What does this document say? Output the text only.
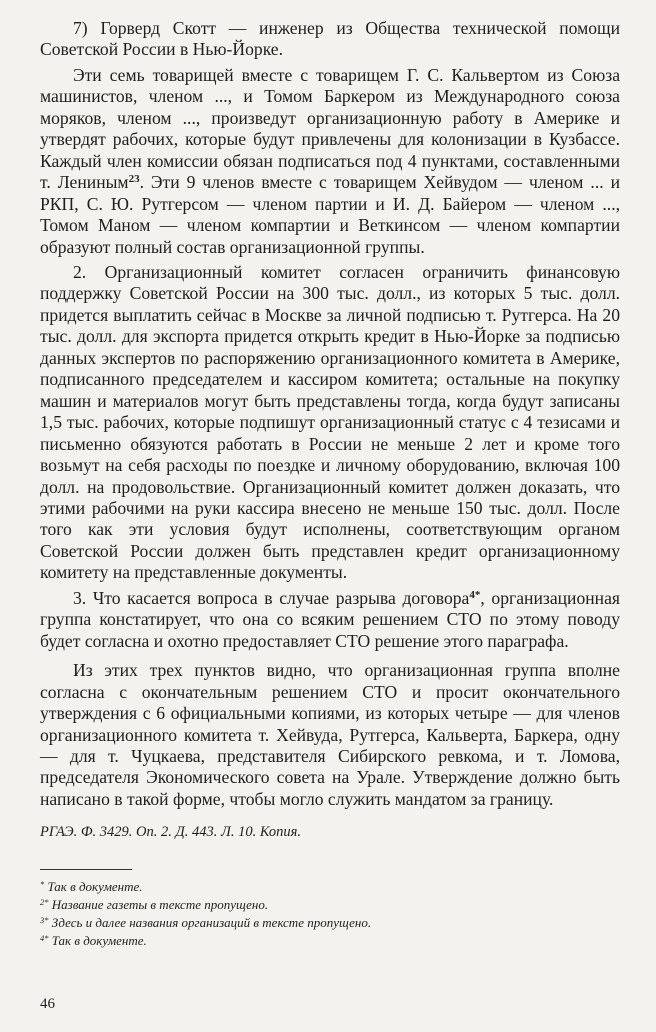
7) Горверд Скотт — инженер из Общества технической помощи Советской России в Нью-Йорке.

Эти семь товарищей вместе с товарищем Г. С. Кальвертом из Союза машинистов, членом ..., и Томом Баркером из Международного союза моряков, членом ..., произведут организационную работу в Америке и утвердят рабочих, которые будут привлечены для колонизации в Кузбассе. Каждый член комиссии обязан подписаться под 4 пунктами, составленными т. Лениным$^{23}$. Эти 9 членов вместе с товарищем Хейвудом — членом ... и РКП, С. Ю. Рутгерсом — членом партии и И. Д. Байером — членом ..., Томом Маном — членом компартии и Веткинсом — членом компартии образуют полный состав организационной группы.

2. Организационный комитет согласен ограничить финансовую поддержку Советской России на 300 тыс. долл., из которых 5 тыс. долл. придется выплатить сейчас в Москве за личной подписью т. Рутгерса. На 20 тыс. долл. для экспорта придется открыть кредит в Нью-Йорке за подписью данных экспертов по распоряжению организационного комитета в Америке, подписанного председателем и кассиром комитета; остальные на покупку машин и материалов могут быть представлены тогда, когда будут записаны 1,5 тыс. рабочих, которые подпишут организационный статус с 4 тезисами и письменно обязуются работать в России не меньше 2 лет и кроме того возьмут на себя расходы по поездке и личному оборудованию, включая 100 долл. на продовольствие. Организационный комитет должен доказать, что этими рабочими на руки кассира внесено не меньше 150 тыс. долл. После того как эти условия будут исполнены, соответствующим органом Советской России должен быть представлен кредит организационному комитету на представленные документы.

3. Что касается вопроса в случае разрыва договора$^{4*}$, организационная группа констатирует, что она со всяким решением СТО по этому поводу будет согласна и охотно предоставляет СТО решение этого параграфа.

Из этих трех пунктов видно, что организационная группа вполне согласна с окончательным решением СТО и просит окончательного утверждения с 6 официальными копиями, из которых четыре — для членов организационного комитета т. Хейвуда, Рутгерса, Кальверта, Баркера, одну — для т. Чуцкаева, представителя Сибирского ревкома, и т. Ломова, председателя Экономического совета на Урале. Утверждение должно быть написано в такой форме, чтобы могло служить мандатом за границу.

РГАЭ. Ф. 3429. Оп. 2. Д. 443. Л. 10. Копия.

* Так в документе.

$^{2*}$ Название газеты в тексте пропущено.

$^{3*}$ Здесь и далее названия организаций в тексте пропущено.

$^{4*}$ Так в документе.

46
